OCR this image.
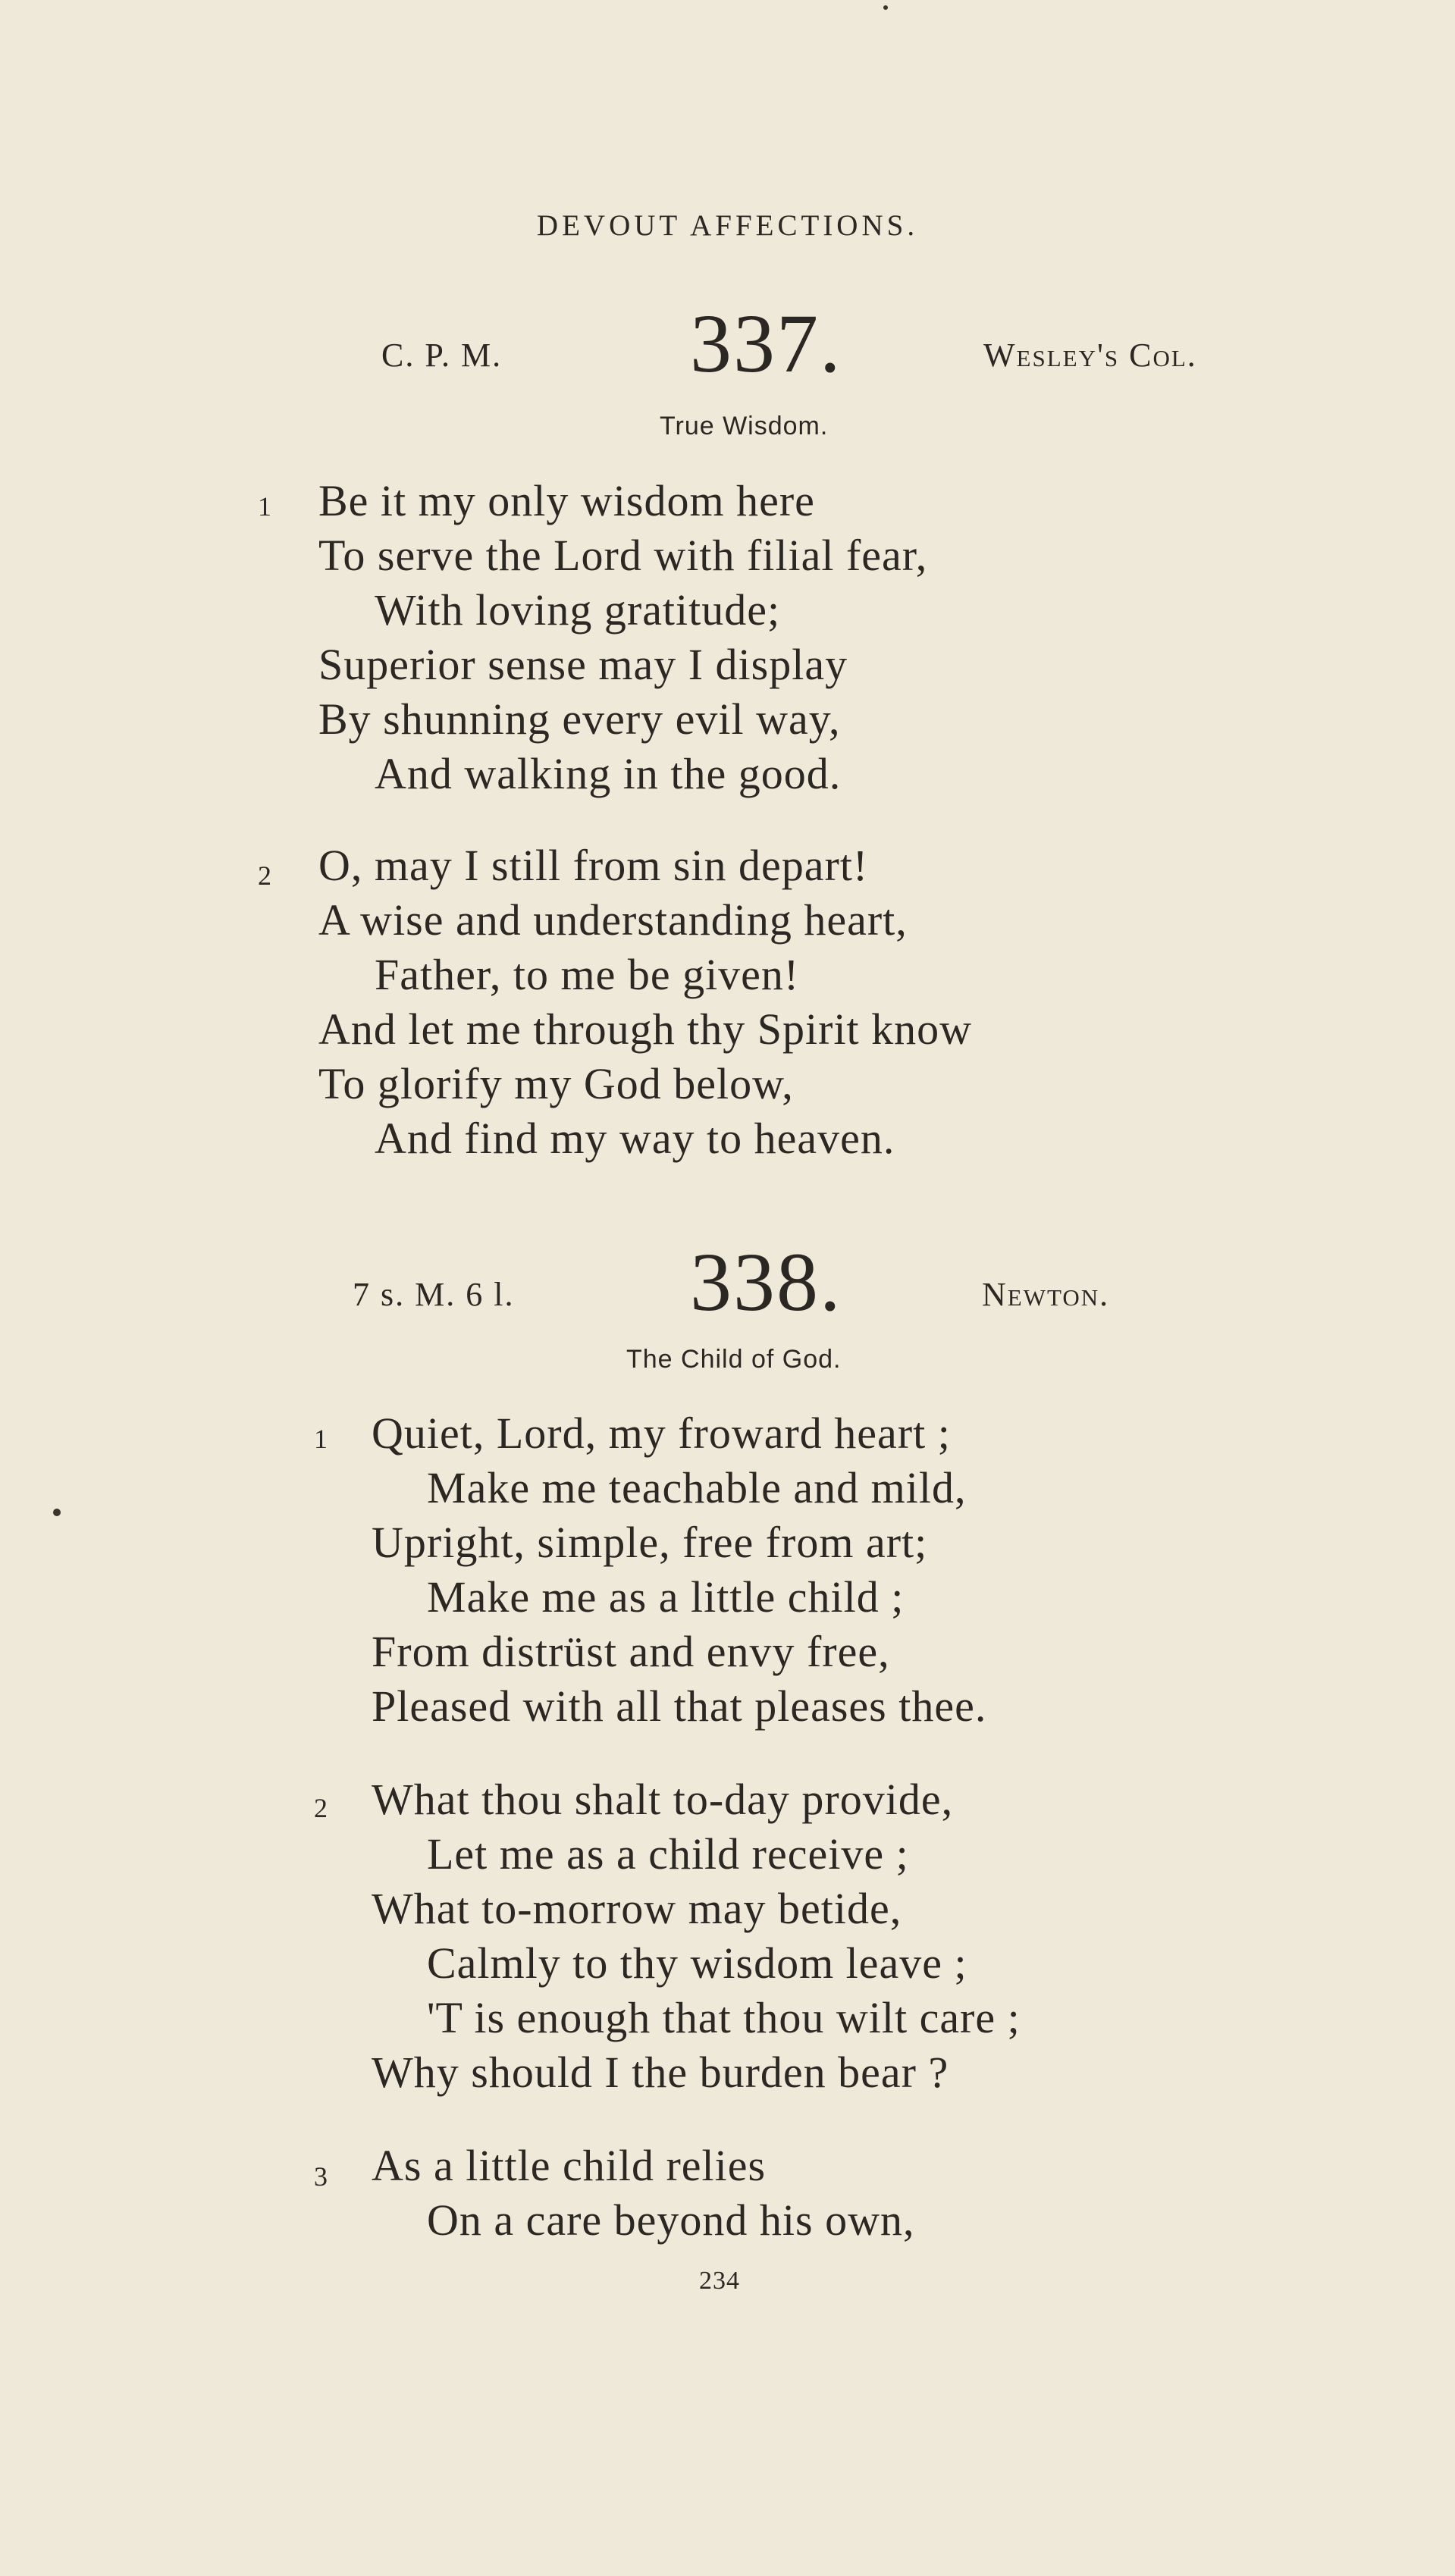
DEVOUT AFFECTIONS.
C. P. M. 337.	Wesley's Col.
True Wisdom.
1 Be it my only wisdom here
To serve the Lord with filial fear,
With loving gratitude;
Superior sense may I display
By shunning every evil way,
And walking in the good.
2 O, may I still from sin depart!
A wise and understanding heart,
Father, to me be given!
And let me through thy Spirit know
To glorify my God below,
And find my way to heaven.
7 s. M. 6 l. 338.	Newton.
The Child of God.
1 Quiet, Lord, my froward heart ;
Make me teachable and mild,
Upright, simple, free from art;
Make me as a little child ;
From distrüst and envy free,
Pleased with all that pleases thee.
2 What thou shalt to-day provide,
Let me as a child receive ;
What to-morrow may betide,
Calmly to thy wisdom leave ;
'T is enough that thou wilt care ;
Why should I the burden bear ?
3 As a little child relies
On a care beyond his own,
234
